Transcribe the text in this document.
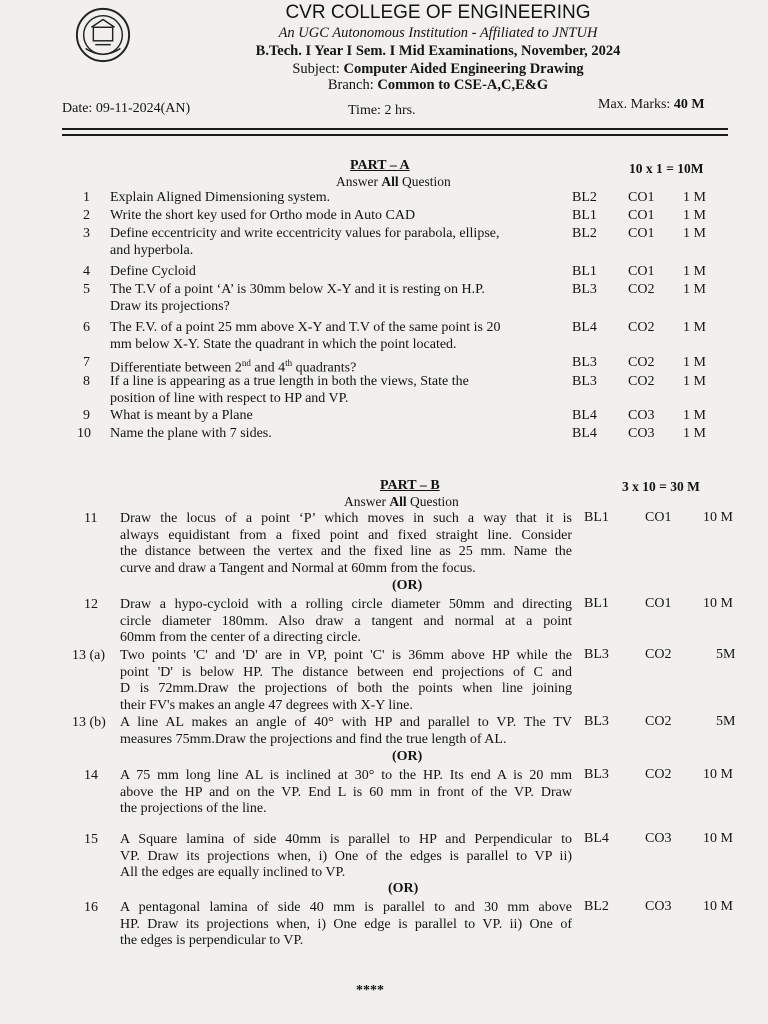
CVR COLLEGE OF ENGINEERING
An UGC Autonomous Institution - Affiliated to JNTUH
B.Tech. I Year I Sem. I Mid Examinations, November, 2024
Subject: Computer Aided Engineering Drawing
Branch: Common to CSE-A,C,E&G
Date: 09-11-2024(AN)	Time: 2 hrs.	Max. Marks: 40 M
PART – A
Answer All Question
10 x 1 = 10M
1 Explain Aligned Dimensioning system.	BL2 CO1 1 M
2 Write the short key used for Ortho mode in Auto CAD	BL1 CO1 1 M
3 Define eccentricity and write eccentricity values for parabola, ellipse,
and hyperbola.
BL2 CO1 1 M
4 Define Cycloid	BL1 CO1 1 M
5 The T.V of a point ‘A’ is 30mm below X-Y and it is resting on H.P.
Draw its projections?
BL3 CO2 1 M
6 The F.V. of a point 25 mm above X-Y and T.V of the same point is 20
mm below X-Y. State the quadrant in which the point located.
BL4 CO2 1 M
7 Differentiate between 2nd and 4th quadrants?	BL3 CO2 1 M
8 If a line is appearing as a true length in both the views, State the
position of line with respect to HP and VP.
BL3 CO2 1 M
9 What is meant by a Plane	BL4 CO3 1 M
10 Name the plane with 7 sides.	BL4 CO3 1 M
PART – B
Answer All Question
3 x 10 = 30 M
11 Draw the locus of a point ‘P’ which moves in such a way that it is
always equidistant from a fixed point and fixed straight line. Consider
the distance between the vertex and the fixed line as 25 mm. Name the
curve and draw a Tangent and Normal at 60mm from the focus.
BL1	CO1 10 M
12 Draw a hypo-cycloid with a rolling circle diameter 50mm and directing
circle diameter 180mm. Also draw a tangent and normal at a point
60mm from the center of a directing circle.
BL1	CO1 10 M
13 (a) Two points 'C' and 'D' are in VP, point 'C' is 36mm above HP while the
point 'D' is below HP. The distance between end projections of C and
D is 72mm.Draw the projections of both the points when line joining
their FV's makes an angle 47 degrees with X-Y line.
BL3	CO2	5M
13 (b) A line AL makes an angle of 40° with HP and parallel to VP. The TV
measures 75mm.Draw the projections and find the true length of AL.
BL3	CO2	5M
14 A 75 mm long line AL is inclined at 30° to the HP. Its end A is 20 mm
above the HP and on the VP. End L is 60 mm in front of the VP. Draw
the projections of the line.
BL3	CO2 10 M
15 A Square lamina of side 40mm is parallel to HP and Perpendicular to
VP. Draw its projections when, i) One of the edges is parallel to VP ii)
All the edges are equally inclined to VP.
BL4	CO3 10 M
16 A pentagonal lamina of side 40 mm is parallel to and 30 mm above
HP. Draw its projections when, i) One edge is parallel to VP. ii) One of
the edges is perpendicular to VP.
BL2	CO3 10 M
(OR)
(OR)
(OR)
****
